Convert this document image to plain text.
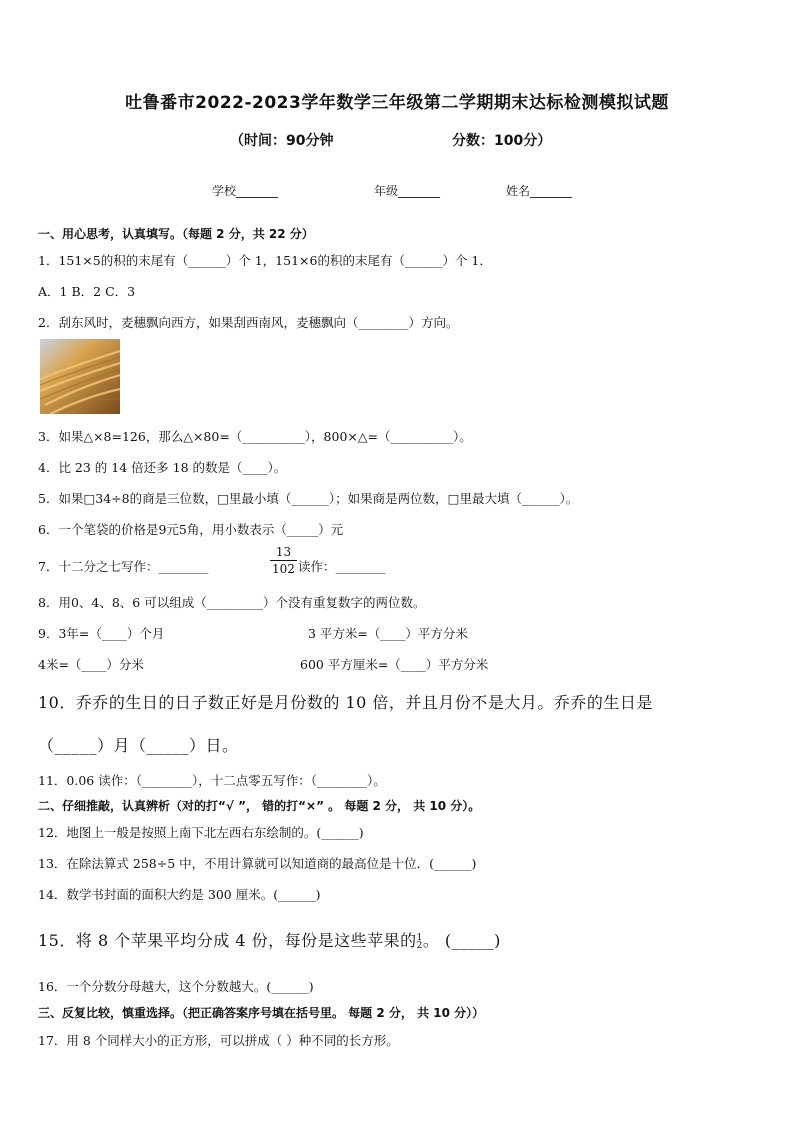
吐鲁番市2022-2023学年数学三年级第二学期期末达标检测模拟试题
（时间：90分钟	分数：100分）
学校_______	年级_______	姓名_______
一、用心思考，认真填写。（每题 2 分，共 22 分）
1．151×5的积的末尾有（______）个 1，151×6的积的末尾有（______）个 1．
A．1 B．2 C．3
2．刮东风时，麦穗飘向西方，如果刮西南风，麦穗飘向（________）方向。
3．如果△×8=126，那么△×80=（__________），800×△=（__________）。
4．比 23 的 14 倍还多 18 的数是（____）。
5．如果□34÷8的商是三位数，□里最小填（______）；如果商是两位数，□里最大填（______）。
6．一个笔袋的价格是9元5角，用小数表示（_____）元
7．十二分之七写作：________	$\frac{13}{102}$ 读作：________
8．用0、4、8、6 可以组成（_________）个没有重复数字的两位数。
9．3年=（____）个月	3 平方米=（____）平方分米
4米=（____）分米	600 平方厘米=（____）平方分米
10．乔乔的生日的日子数正好是月份数的 10 倍，并且月份不是大月。乔乔的生日是
（_____）月（_____）日。
11．0.06 读作：（________），十二点零五写作：（________）。
二、仔细推敲，认真辨析（对的打“√ ”， 错的打“×” 。 每题 2 分， 共 10 分）。
12．地图上一般是按照上南下北左西右东绘制的。(______)
13．在除法算式 258÷5 中，不用计算就可以知道商的最高位是十位．(______)
14．数学书封面的面积大约是 300 厘米。(______)
15．将 8 个苹果平均分成 4 份，每份是这些苹果的 1
2 。 (_____)
16．一个分数分母越大，这个分数越大。(______)
三、反复比较，慎重选择。（把正确答案序号填在括号里。 每题 2 分， 共 10 分））
17．用 8 个同样大小的正方形，可以拼成（ ）种不同的长方形。
